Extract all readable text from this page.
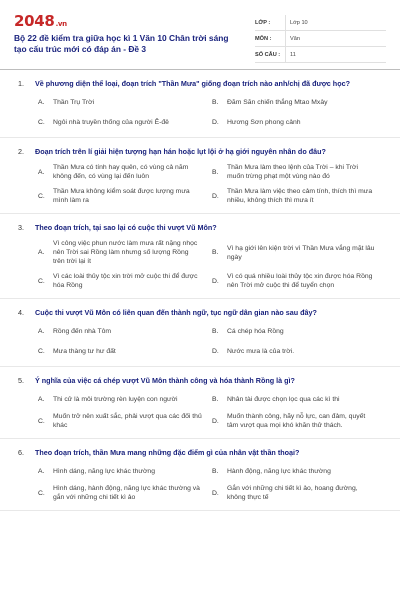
2048.vn
Bộ 22 đề kiểm tra giữa học kì 1 Văn 10 Chân trời sáng tạo cấu trúc mới có đáp án - Đề 3
LỚP :	Lớp 10
MÔN :	Văn
SỐ CÂU :	11
1.	Về phương diện thể loại, đoạn trích "Thần Mưa" giống đoạn trích nào anh/chị đã được học?
A.	Thần Trụ Trời	B.	Đăm Săn chiến thắng Mtao Mxây
C.	Ngôi nhà truyền thống của người Ê-đê	D.	Hương Sơn phong cảnh
2.	Đoạn trích trên lí giải hiện tượng hạn hán hoặc lụt lội ở hạ giới nguyên nhân do đâu?
A.
Thần Mưa có tính hay quên, có vùng cả năm không đến, có vùng lại đến luôn
B.
Thần Mưa làm theo lệnh của Trời – khi Trời muốn trừng phạt một vùng nào đó
C.
Thần Mưa không kiểm soát được lượng mưa mình làm ra
D.
Thần Mưa làm việc theo cảm tính, thích thì mưa nhiều, không thích thì mưa ít
3.	Theo đoạn trích, tại sao lại có cuộc thi vượt Vũ Môn?
A.
Vì công việc phun nước làm mưa rất nặng nhọc nên Trời sai Rồng làm nhưng số lượng Rồng trên trời lại ít
B.
Vì hạ giới lên kiện trời vì Thần Mưa vắng mặt lâu ngày
C.
Vì các loài thủy tộc xin trời mở cuộc thi để được hóa Rồng
D.
Vì có quá nhiều loài thủy tộc xin được hóa Rồng nên Trời mở cuộc thi để tuyển chọn
4.	Cuộc thi vượt Vũ Môn có liên quan đến thành ngữ, tục ngữ dân gian nào sau đây?
A.	Rồng đến nhà Tôm	B.	Cá chép hóa Rồng
C.	Mưa thàng tư hư đất	D.	Nước mưa là của trời.
5.	Ý nghĩa của việc cá chép vượt Vũ Môn thành công và hóa thành Rồng là gì?
A.	Thi cử là môi trường rèn luyện con người	B.	Nhân tài được chọn lọc qua các kì thi
C.
Muốn trở nên xuất sắc, phải vượt qua các đối thủ khác
D.
Muốn thành công, hãy nỗ lực, can đảm, quyết tâm vượt qua mọi khó khăn thử thách.
6.	Theo đoạn trích, thần Mưa mang những đặc điểm gì của nhân vật thần thoại?
A.	Hình dáng, năng lực khác thường	B.	Hành động, năng lực khác thường
C.
Hình dáng, hành động, năng lực khác thường và gắn với những chi tiết kì ảo
D.
Gắn với những chi tiết kì ảo, hoang đường, không thực tế
